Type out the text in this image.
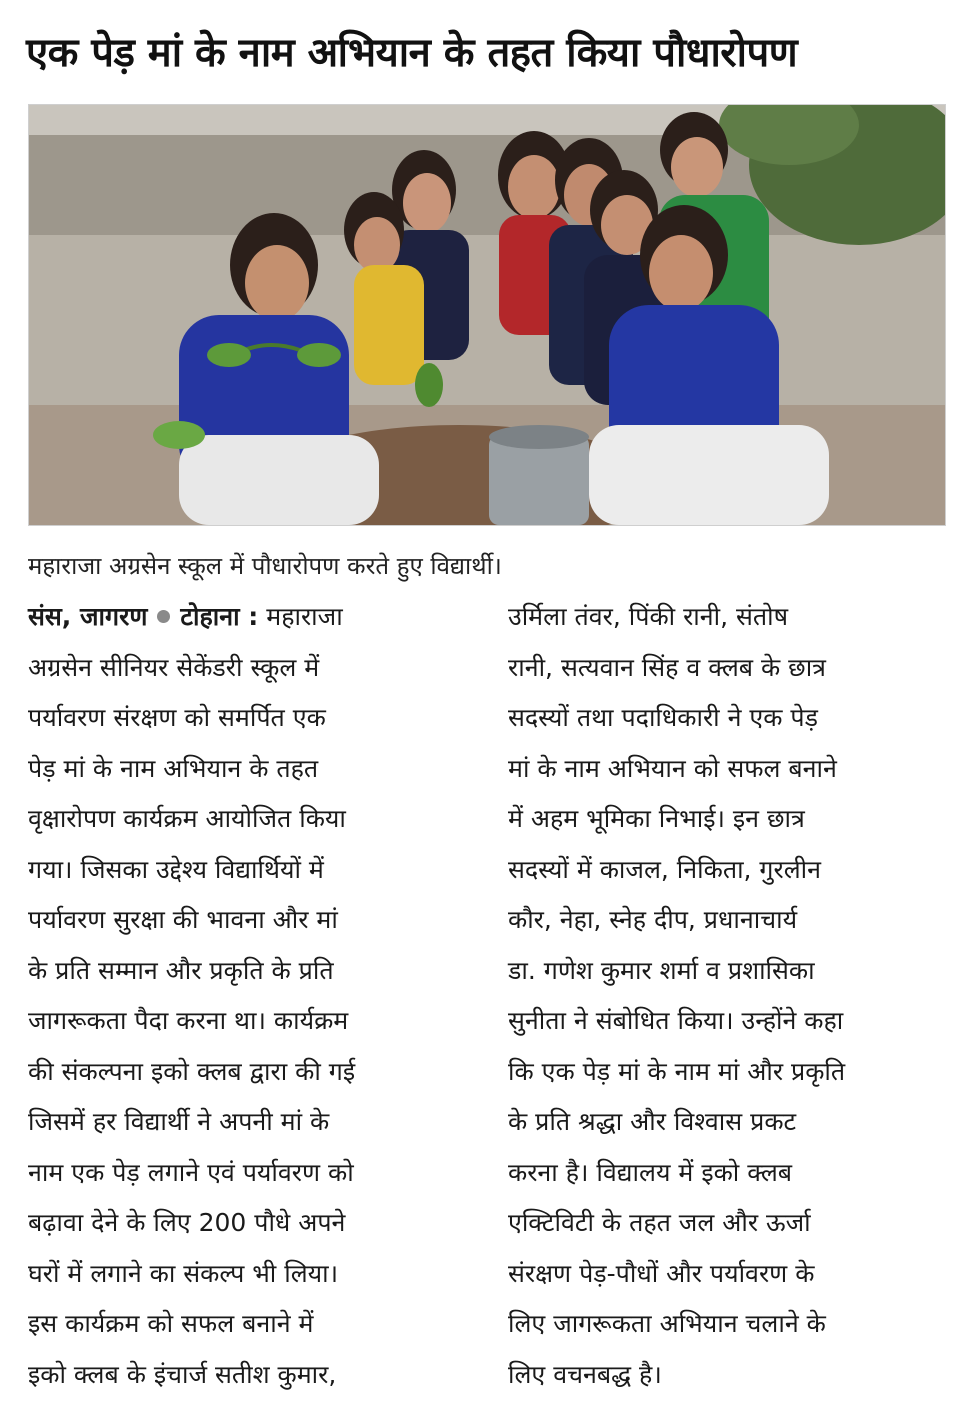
एक पेड़ मां के नाम अभियान के तहत किया पौधारोपण
महाराजा अग्रसेन स्कूल में पौधारोपण करते हुए विद्यार्थी।
संस, जागरण टोहाना : महाराजा
अग्रसेन सीनियर सेकेंडरी स्कूल में
पर्यावरण संरक्षण को समर्पित एक
पेड़ मां के नाम अभियान के तहत
वृक्षारोपण कार्यक्रम आयोजित किया
गया। जिसका उद्देश्य विद्यार्थियों में
पर्यावरण सुरक्षा की भावना और मां
के प्रति सम्मान और प्रकृति के प्रति
जागरूकता पैदा करना था। कार्यक्रम
की संकल्पना इको क्लब द्वारा की गई
जिसमें हर विद्यार्थी ने अपनी मां के
नाम एक पेड़ लगाने एवं पर्यावरण को
बढ़ावा देने के लिए 200 पौधे अपने
घरों में लगाने का संकल्प भी लिया।
इस कार्यक्रम को सफल बनाने में
इको क्लब के इंचार्ज सतीश कुमार,
उर्मिला तंवर, पिंकी रानी, संतोष
रानी, सत्यवान सिंह व क्लब के छात्र
सदस्यों तथा पदाधिकारी ने एक पेड़
मां के नाम अभियान को सफल बनाने
में अहम भूमिका निभाई। इन छात्र
सदस्यों में काजल, निकिता, गुरलीन
कौर, नेहा, स्नेह दीप, प्रधानाचार्य
डा. गणेश कुमार शर्मा व प्रशासिका
सुनीता ने संबोधित किया। उन्होंने कहा
कि एक पेड़ मां के नाम मां और प्रकृति
के प्रति श्रद्धा और विश्वास प्रकट
करना है। विद्यालय में इको क्लब
एक्टिविटी के तहत जल और ऊर्जा
संरक्षण पेड़-पौधों और पर्यावरण के
लिए जागरूकता अभियान चलाने के
लिए वचनबद्ध है।
